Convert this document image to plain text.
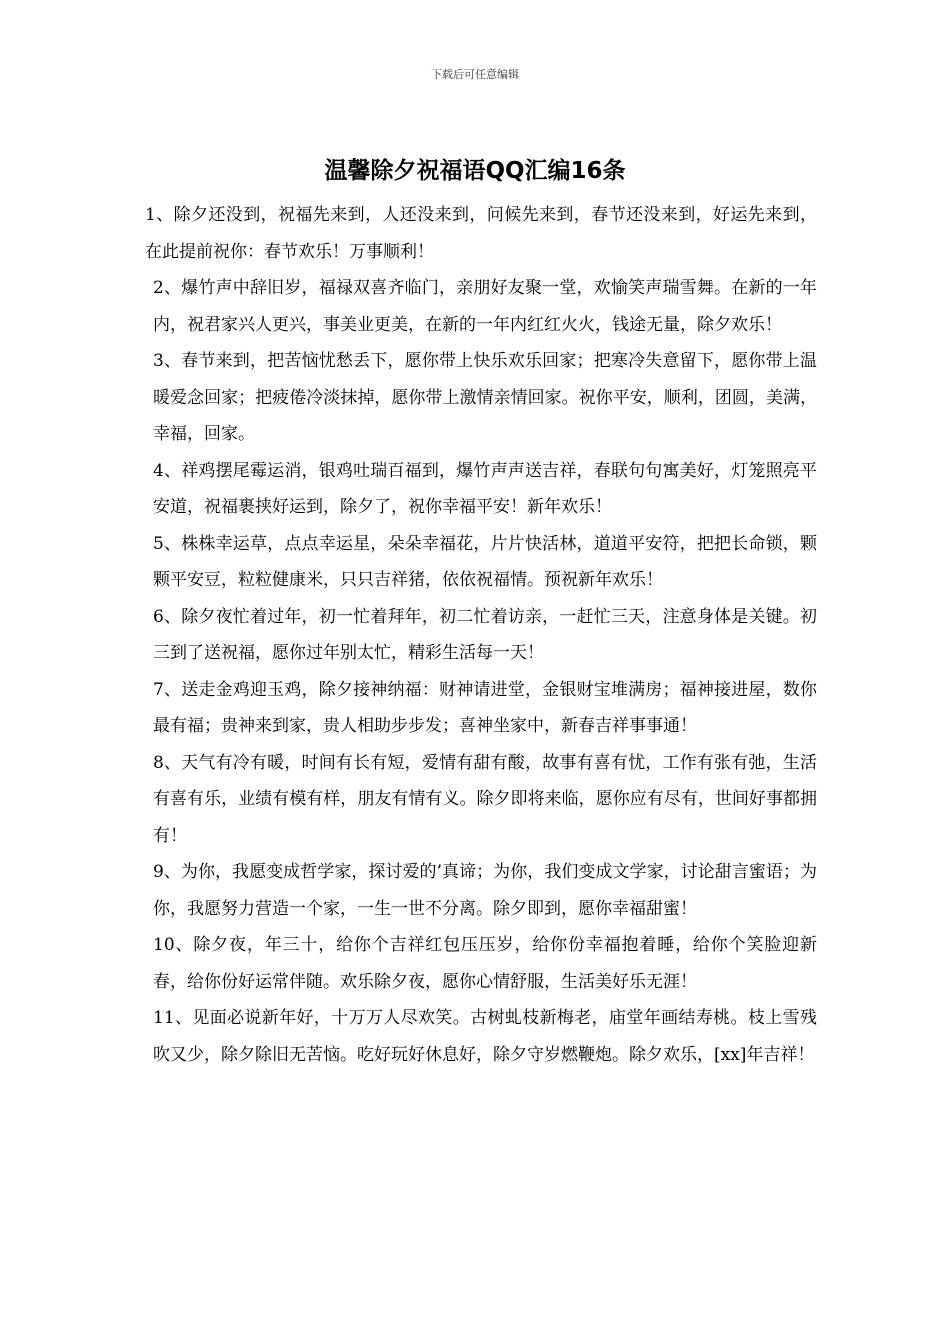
下载后可任意编辑
温馨除夕祝福语QQ汇编16条

1、除夕还没到，祝福先来到，人还没来到，问候先来到，春节还没来到，好运先来到，在此提前祝你：春节欢乐！万事顺利！

2、爆竹声中辞旧岁，福禄双喜齐临门，亲朋好友聚一堂，欢愉笑声瑞雪舞。在新的一年内，祝君家兴人更兴，事美业更美，在新的一年内红红火火，钱途无量，除夕欢乐！

3、春节来到，把苦恼忧愁丢下，愿你带上快乐欢乐回家；把寒冷失意留下，愿你带上温暖爱念回家；把疲倦冷淡抹掉，愿你带上激情亲情回家。祝你平安，顺利，团圆，美满，幸福，回家。

4、祥鸡摆尾霉运消，银鸡吐瑞百福到，爆竹声声送吉祥，春联句句寓美好，灯笼照亮平安道，祝福裹挟好运到，除夕了，祝你幸福平安！新年欢乐！

5、株株幸运草，点点幸运星，朵朵幸福花，片片快活林，道道平安符，把把长命锁，颗颗平安豆，粒粒健康米，只只吉祥猪，依依祝福情。预祝新年欢乐！

6、除夕夜忙着过年，初一忙着拜年，初二忙着访亲，一赶忙三天，注意身体是关键。初三到了送祝福，愿你过年别太忙，精彩生活每一天！

7、送走金鸡迎玉鸡，除夕接神纳福：财神请进堂，金银财宝堆满房；福神接进屋，数你最有福；贵神来到家，贵人相助步步发；喜神坐家中，新春吉祥事事通！

8、天气有冷有暖，时间有长有短，爱情有甜有酸，故事有喜有忧，工作有张有弛，生活有喜有乐，业绩有模有样，朋友有情有义。除夕即将来临，愿你应有尽有，世间好事都拥有！

9、为你，我愿变成哲学家，探讨爱的’真谛；为你，我们变成文学家，讨论甜言蜜语；为你，我愿努力营造一个家，一生一世不分离。除夕即到，愿你幸福甜蜜！

10、除夕夜，年三十，给你个吉祥红包压压岁，给你份幸福抱着睡，给你个笑脸迎新春，给你份好运常伴随。欢乐除夕夜，愿你心情舒服，生活美好乐无涯！

11、见面必说新年好，十万万人尽欢笑。古树虬枝新梅老，庙堂年画结寿桃。枝上雪残吹又少，除夕除旧无苦恼。吃好玩好休息好，除夕守岁燃鞭炮。除夕欢乐，[xx]年吉祥！
